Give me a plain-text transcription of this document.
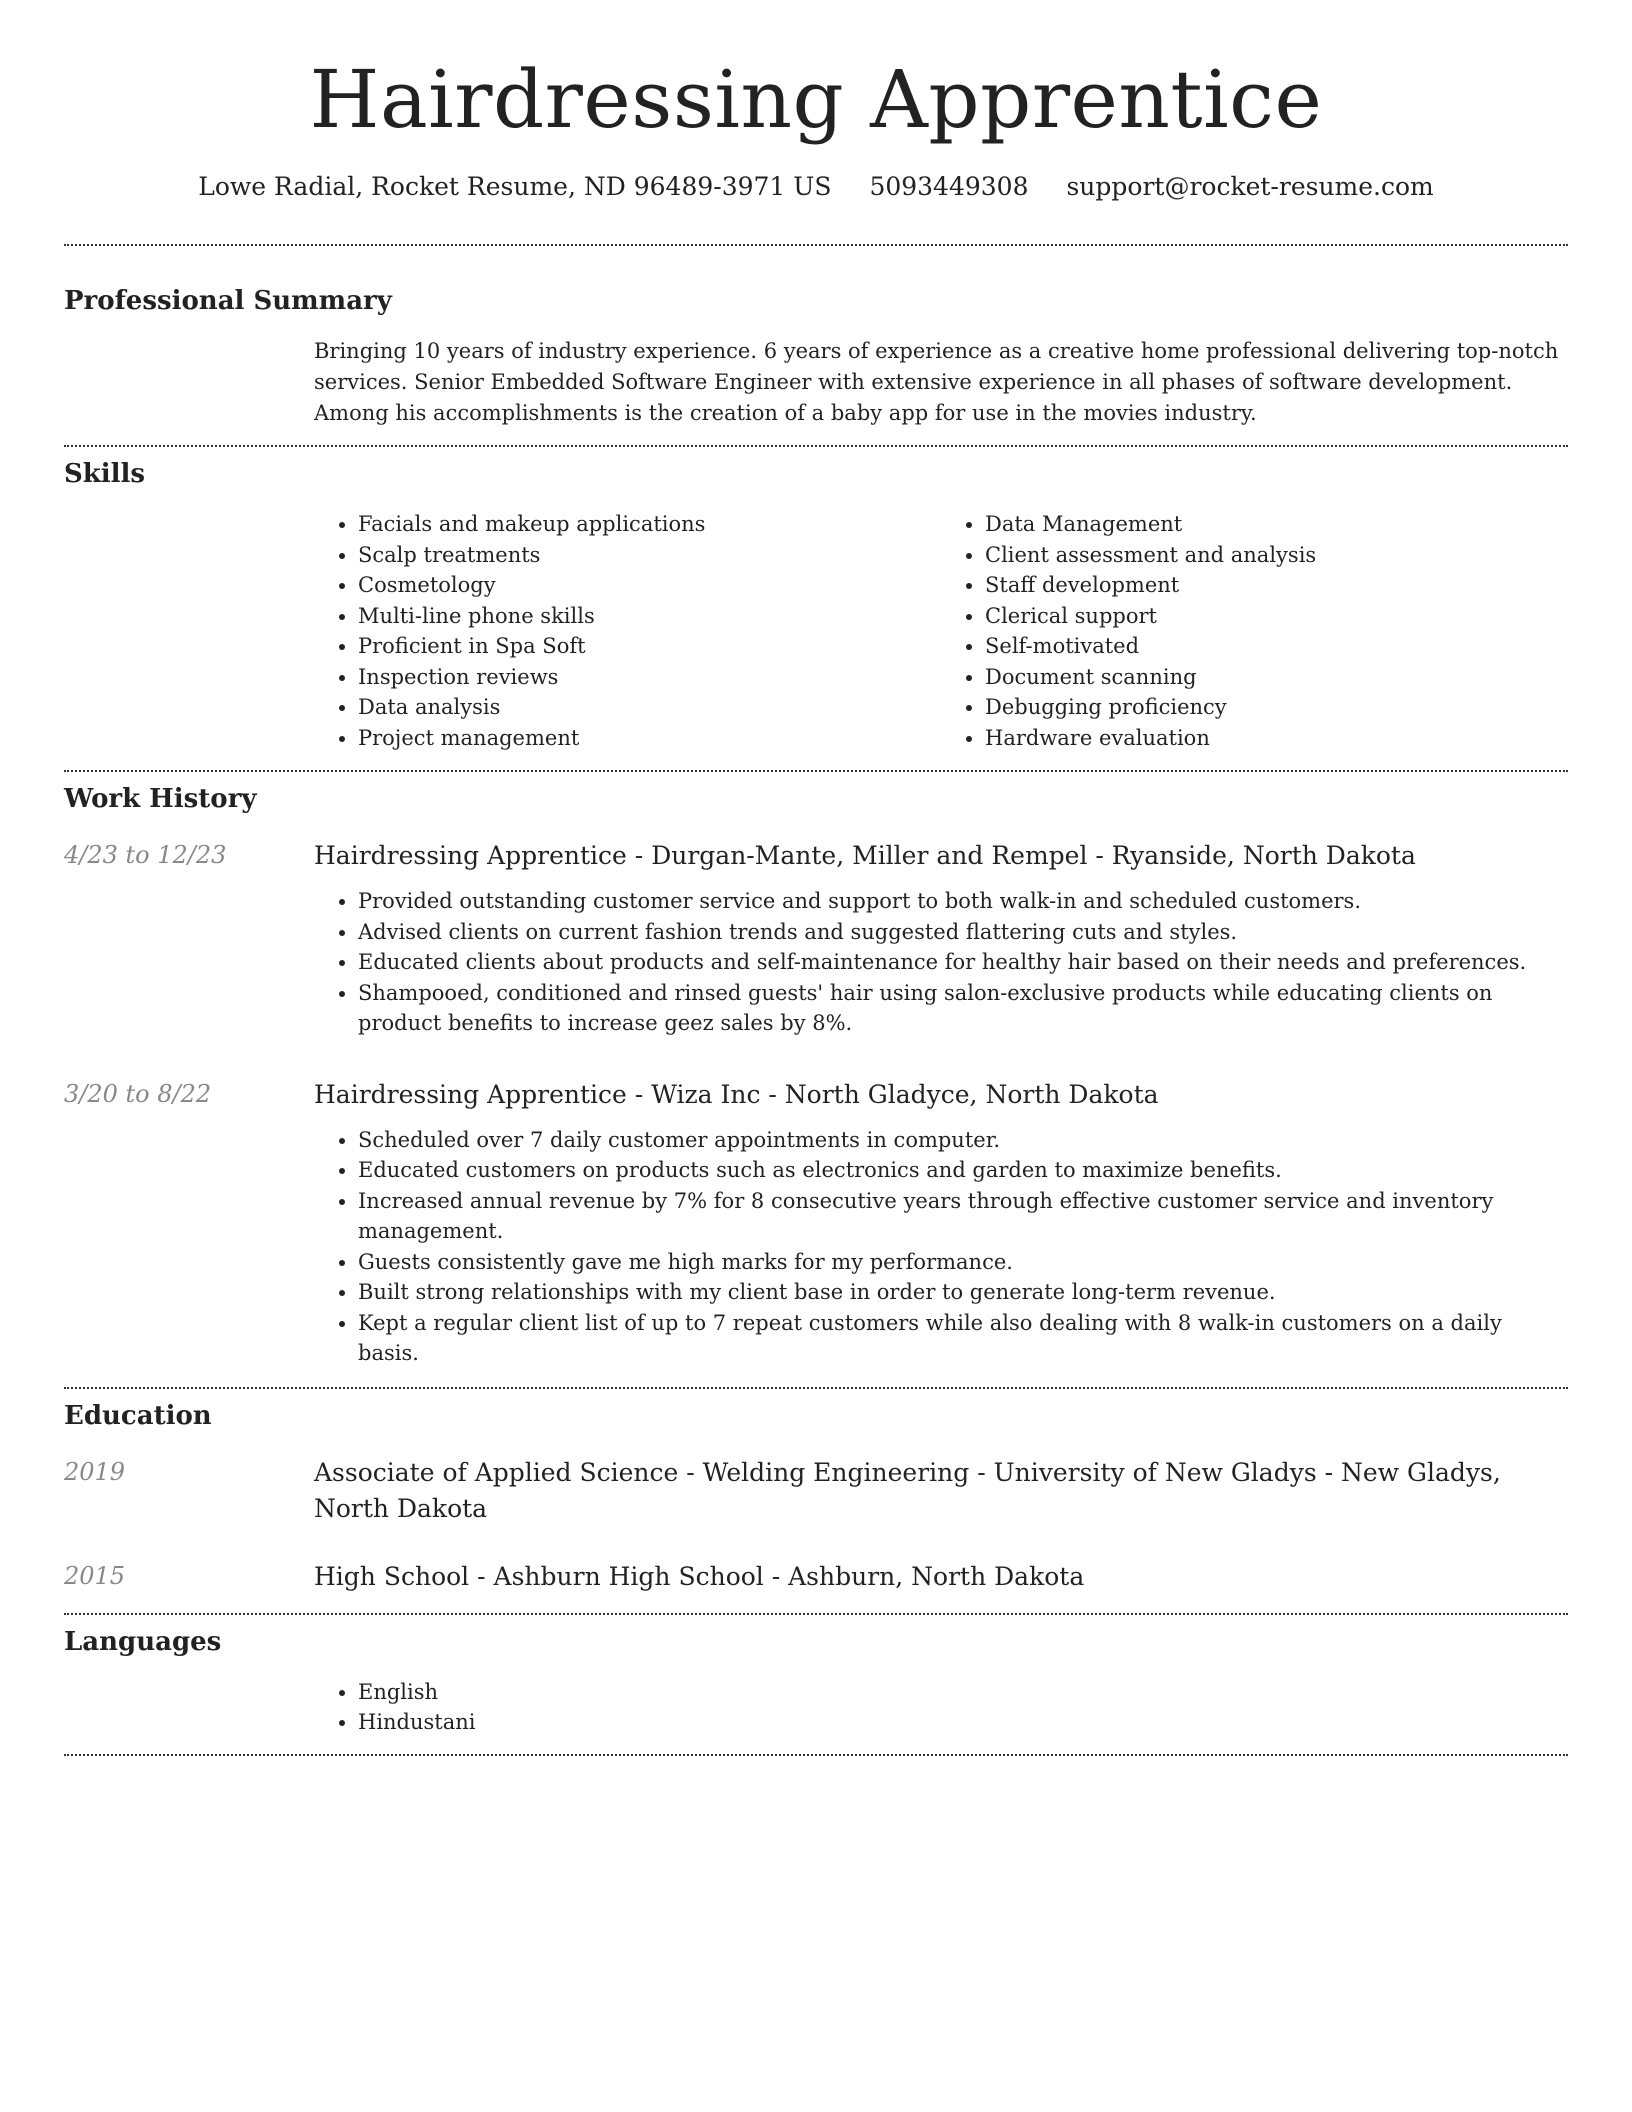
Hairdressing Apprentice
Lowe Radial, Rocket Resume, ND 96489-3971 US 5093449308 support@rocket-resume.com
Professional Summary
Bringing 10 years of industry experience. 6 years of experience as a creative home professional delivering top-notch services. Senior Embedded Software Engineer with extensive experience in all phases of software development. Among his accomplishments is the creation of a baby app for use in the movies industry.
Skills
• Facials and makeup applications
• Scalp treatments
• Cosmetology
• Multi-line phone skills
• Proficient in Spa Soft
• Inspection reviews
• Data analysis
• Project management
• Data Management
• Client assessment and analysis
• Staff development
• Clerical support
• Self-motivated
• Document scanning
• Debugging proficiency
• Hardware evaluation
Work History
4/23 to 12/23	Hairdressing Apprentice - Durgan-Mante, Miller and Rempel - Ryanside, North Dakota
• Provided outstanding customer service and support to both walk-in and scheduled customers.
• Advised clients on current fashion trends and suggested flattering cuts and styles.
• Educated clients about products and self-maintenance for healthy hair based on their needs and preferences.
• Shampooed, conditioned and rinsed guests' hair using salon-exclusive products while educating clients on product benefits to increase geez sales by 8%.
3/20 to 8/22	Hairdressing Apprentice - Wiza Inc - North Gladyce, North Dakota
• Scheduled over 7 daily customer appointments in computer.
• Educated customers on products such as electronics and garden to maximize benefits.
• Increased annual revenue by 7% for 8 consecutive years through effective customer service and inventory management.
• Guests consistently gave me high marks for my performance.
• Built strong relationships with my client base in order to generate long-term revenue.
• Kept a regular client list of up to 7 repeat customers while also dealing with 8 walk-in customers on a daily basis.
Education
2019	Associate of Applied Science - Welding Engineering - University of New Gladys - New Gladys, North Dakota
2015	High School - Ashburn High School - Ashburn, North Dakota
Languages
• English
• Hindustani
